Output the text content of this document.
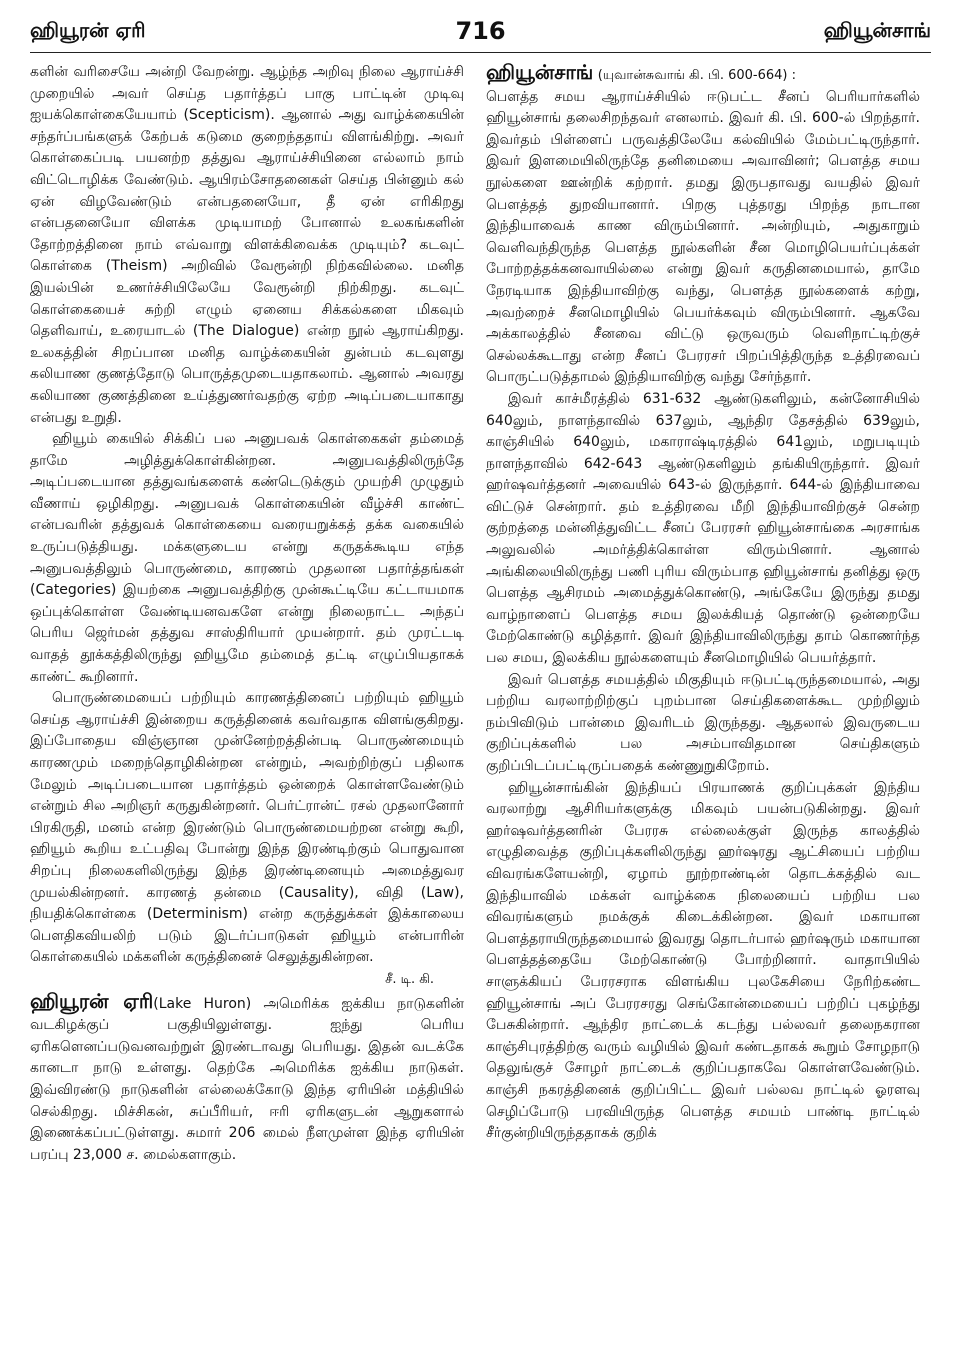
ஹியூரன் ஏரி	716	ஹியூன்சாங்

களின் வரிசையே அன்றி வேறன்று. ஆழ்ந்த அறிவு நிலை ஆராய்ச்சி முறையில் அவர் செய்த பதார்த்தப் பாகு பாட்டின் முடிவு ஐயக்கொள்கையேயாம் (Scepticism). ஆனால் அது வாழ்க்கையின் சந்தர்ப்பங்களுக் கேற்பக் கடுமை குறைந்ததாய் விளங்கிற்று. அவர் கொள்கைப்படி பயனற்ற தத்துவ ஆராய்ச்சியினை எல்லாம் நாம் விட்டொழிக்க வேண்டும். ஆயிரம்சோதனைகள் செய்த பின்னும் கல் ஏன் விழவேண்டும் என்பதனையோ, தீ ஏன் எரிகிறது என்பதனையோ விளக்க முடியாமற் போனால் உலகங்களின் தோற்றத்தினை நாம் எவ்வாறு விளக்கிவைக்க முடியும்? கடவுட் கொள்கை (Theism) அறிவில் வேரூன்றி நிற்கவில்லை. மனித இயல்பின் உணர்ச்சியிலேயே வேரூன்றி நிற்கிறது. கடவுட் கொள்கையைச் சுற்றி எழும் ஏனைய சிக்கல்களை மிகவும் தெளிவாய், உரையாடல் (The Dialogue) என்ற நூல் ஆராய்கிறது. உலகத்தின் சிறப்பான மனித வாழ்க்கையின் துன்பம் கடவுளது கலியாண குணத்தோடு பொருத்தமுடையதாகலாம். ஆனால் அவரது கலியாண குணத்தினை உய்த்துணர்வதற்கு ஏற்ற அடிப்படையாகாது என்பது உறுதி.

ஹியூம் கையில் சிக்கிப் பல அனுபவக் கொள்கைகள் தம்மைத் தாமே அழித்துக்கொள்கின்றன. அனுபவத்திலிருந்தே அடிப்படையான தத்துவங்களைக் கண்டெடுக்கும் முயற்சி முழுதும் வீணாய் ஒழிகிறது. அனுபவக் கொள்கையின் வீழ்ச்சி காண்ட் என்பவரின் தத்துவக் கொள்கையை வரையறுக்கத் தக்க வகையில் உருப்படுத்தியது. மக்களுடைய என்று கருதக்கூடிய எந்த அனுபவத்திலும் பொருண்மை, காரணம் முதலான பதார்த்தங்கள் (Categories) இயற்கை அனுபவத்திற்கு முன்கூட்டியே கட்டாயமாக ஒப்புக்கொள்ள வேண்டியனவகளே என்று நிலைநாட்ட அந்தப் பெரிய ஜெர்மன் தத்துவ சாஸ்திரியார் முயன்றார். தம் முரட்டடி வாதத் தூக்கத்திலிருந்து ஹியூமே தம்மைத் தட்டி எழுப்பியதாகக் காண்ட் கூறினார்.

பொருண்மையைப் பற்றியும் காரணத்தினைப் பற்றியும் ஹியூம் செய்த ஆராய்ச்சி இன்றைய கருத்தினைக் கவர்வதாக விளங்குகிறது. இப்போதைய விஞ்ஞான முன்னேற்றத்தின்படி பொருண்மையும் காரணமும் மறைந்தொழிகின்றன என்றும், அவற்றிற்குப் பதிலாக மேலும் அடிப்படையான பதார்த்தம் ஒன்றைக் கொள்ளவேண்டும் என்றும் சில அறிஞர் கருதுகின்றனர். பெர்ட்ரான்ட் ரசல் முதலானோர் பிரகிருதி, மனம் என்ற இரண்டும் பொருண்மையற்றன என்று கூறி, ஹியூம் கூறிய உட்பதிவு போன்று இந்த இரண்டிற்கும் பொதுவான சிறப்பு நிலைகளிலிருந்து இந்த இரண்டினையும் அமைத்துவர முயல்கின்றனர். காரணத் தன்மை (Causality), விதி (Law), நியதிக்கொள்கை (Determinism) என்ற கருத்துக்கள் இக்காலைய பௌதிகவியலிற் படும் இடர்ப்பாடுகள் ஹியூம் என்பாரின் கொள்கையில் மக்களின் கருத்தினைச் செலுத்துகின்றன.

சீ. டி. கி.

ஹியூரன் ஏரி(Lake Huron) அமெரிக்க ஐக்கிய நாடுகளின் வடகிழக்குப் பகுதியிலுள்ளது. ஐந்து பெரிய ஏரிகளெனப்படுவனவற்றுள் இரண்டாவது பெரியது. இதன் வடக்கே கானடா நாடு உள்ளது. தெற்கே அமெரிக்க ஐக்கிய நாடுகள். இவ்விரண்டு நாடுகளின் எல்லைக்கோடு இந்த ஏரியின் மத்தியில் செல்கிறது. மிச்சிகன், சுப்பீரியர், ஈரி ஏரிகளுடன் ஆறுகளால் இணைக்கப்பட்டுள்ளது. சுமார் 206 மைல் நீளமுள்ள இந்த ஏரியின் பரப்பு 23,000 ச. மைல்களாகும்.

ஹியூன்சாங் (யுவான்சுவாங் கி. பி. 600-664) :

பௌத்த சமய ஆராய்ச்சியில் ஈடுபட்ட சீனப் பெரியார்களில் ஹியூன்சாங் தலைசிறந்தவர் எனலாம். இவர் கி. பி. 600-ல் பிறந்தார். இவர்தம் பிள்ளைப் பருவத்திலேயே கல்வியில் மேம்பட்டிருந்தார். இவர் இளமையிலிருந்தே தனிமையை அவாவினர்; பௌத்த சமய நூல்களை ஊன்றிக் கற்றார். தமது இருபதாவது வயதில் இவர் பௌத்தத் துறவியானார். பிறகு புத்தரது பிறந்த நாடான இந்தியாவைக் காண விரும்பினார். அன்றியும், அதுகாறும் வெளிவந்திருந்த பௌத்த நூல்களின் சீன மொழிபெயர்ப்புக்கள் போற்றத்தக்கனவாயில்லை என்று இவர் கருதினமையால், தாமே நேரடியாக இந்தியாவிற்கு வந்து, பௌத்த நூல்களைக் கற்று, அவற்றைச் சீனமொழியில் பெயர்க்கவும் விரும்பினார். ஆகவே அக்காலத்தில் சீனவை விட்டு ஒருவரும் வெளிநாட்டிற்குச் செல்லக்கூடாது என்ற சீனப் பேரரசர் பிறப்பித்திருந்த உத்திரவைப் பொருட்படுத்தாமல் இந்தியாவிற்கு வந்து சேர்ந்தார்.

இவர் காச்மீரத்தில் 631-632 ஆண்டுகளிலும், கன்னோசியில் 640லும், நாளந்தாவில் 637லும், ஆந்திர தேசத்தில் 639லும், காஞ்சியில் 640லும், மகாராஷ்டிரத்தில் 641லும், மறுபடியும் நாளந்தாவில் 642-643 ஆண்டுகளிலும் தங்கியிருந்தார். இவர் ஹர்ஷவர்த்தனர் அவையில் 643-ல் இருந்தார். 644-ல் இந்தியாவை விட்டுச் சென்றார். தம் உத்திரவை மீறி இந்தியாவிற்குச் சென்ற குற்றத்தை மன்னித்துவிட்ட சீனப் பேரரசர் ஹியூன்சாங்கை அரசாங்க அலுவலில் அமர்த்திக்கொள்ள விரும்பினார். ஆனால் அங்கிலையிலிருந்து பணி புரிய விரும்பாத ஹியூன்சாங் தனித்து ஒரு பௌத்த ஆசிரமம் அமைத்துக்கொண்டு, அங்கேயே இருந்து தமது வாழ்நாளைப் பௌத்த சமய இலக்கியத் தொண்டு ஒன்றையே மேற்கொண்டு கழித்தார். இவர் இந்தியாவிலிருந்து தாம் கொணர்ந்த பல சமய, இலக்கிய நூல்களையும் சீனமொழியில் பெயர்த்தார்.

இவர் பௌத்த சமயத்தில் மிகுதியும் ஈடுபட்டிருந்தமையால், அது பற்றிய வரலாற்றிற்குப் புறம்பான செய்திகளைக்கூட முற்றிலும் நம்பிவிடும் பான்மை இவரிடம் இருந்தது. ஆதலால் இவருடைய குறிப்புக்களில் பல அசம்பாவிதமான செய்திகளும் குறிப்பிடப்பட்டிருப்பதைக் கண்ணுறுகிறோம்.

ஹியூன்சாங்கின் இந்தியப் பிரயாணக் குறிப்புக்கள் இந்திய வரலாற்று ஆசிரியர்களுக்கு மிகவும் பயன்படுகின்றது. இவர் ஹர்ஷவர்த்தனரின் பேரரசு எல்லைக்குள் இருந்த காலத்தில் எழுதிவைத்த குறிப்புக்களிலிருந்து ஹர்ஷரது ஆட்சியைப் பற்றிய விவரங்களேயன்றி, ஏழாம் நூற்றாண்டின் தொடக்கத்தில் வட இந்தியாவில் மக்கள் வாழ்க்கை நிலையைப் பற்றிய பல விவரங்களும் நமக்குக் கிடைக்கின்றன. இவர் மகாயான பௌத்தராயிருந்தமையால் இவரது தொடர்பால் ஹர்ஷரும் மகாயான பௌத்தத்தையே மேற்கொண்டு போற்றினார். வாதாபியில் சாளுக்கியப் பேரரசராக விளங்கிய புலகேசியை நேரிற்கண்ட ஹியூன்சாங் அப் பேரரசரது செங்கோன்மையைப் பற்றிப் புகழ்ந்து பேசுகின்றார். ஆந்திர நாட்டைக் கடந்து பல்லவர் தலைநகரான காஞ்சிபுரத்திற்கு வரும் வழியில் இவர் கண்டதாகக் கூறும் சோழநாடு தெலுங்குச் சோழர் நாட்டைக் குறிப்பதாகவே கொள்ளவேண்டும். காஞ்சி நகரத்தினைக் குறிப்பிட்ட இவர் பல்லவ நாட்டில் ஓரளவு செழிப்போடு பரவியிருந்த பௌத்த சமயம் பாண்டி நாட்டில் சீர்குன்றியிருந்ததாகக் குறிக்
